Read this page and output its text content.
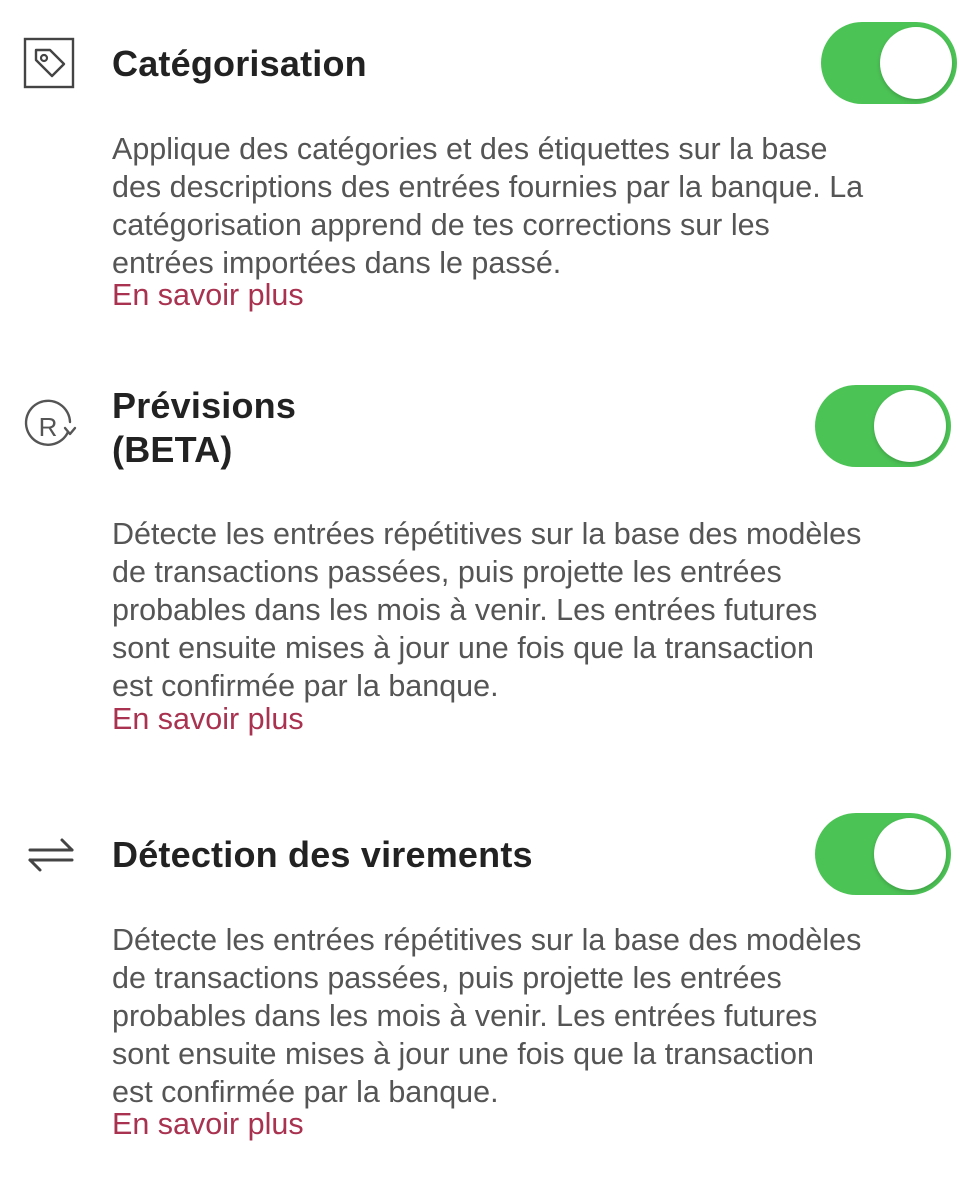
Catégorisation
Applique des catégories et des étiquettes sur la base
des descriptions des entrées fournies par la banque. La
catégorisation apprend de tes corrections sur les
entrées importées dans le passé.
En savoir plus
R
Prévisions
(BETA)
Détecte les entrées répétitives sur la base des modèles
de transactions passées, puis projette les entrées
probables dans les mois à venir. Les entrées futures
sont ensuite mises à jour une fois que la transaction
est confirmée par la banque.
En savoir plus
Détection des virements
Détecte les entrées répétitives sur la base des modèles
de transactions passées, puis projette les entrées
probables dans les mois à venir. Les entrées futures
sont ensuite mises à jour une fois que la transaction
est confirmée par la banque.
En savoir plus
